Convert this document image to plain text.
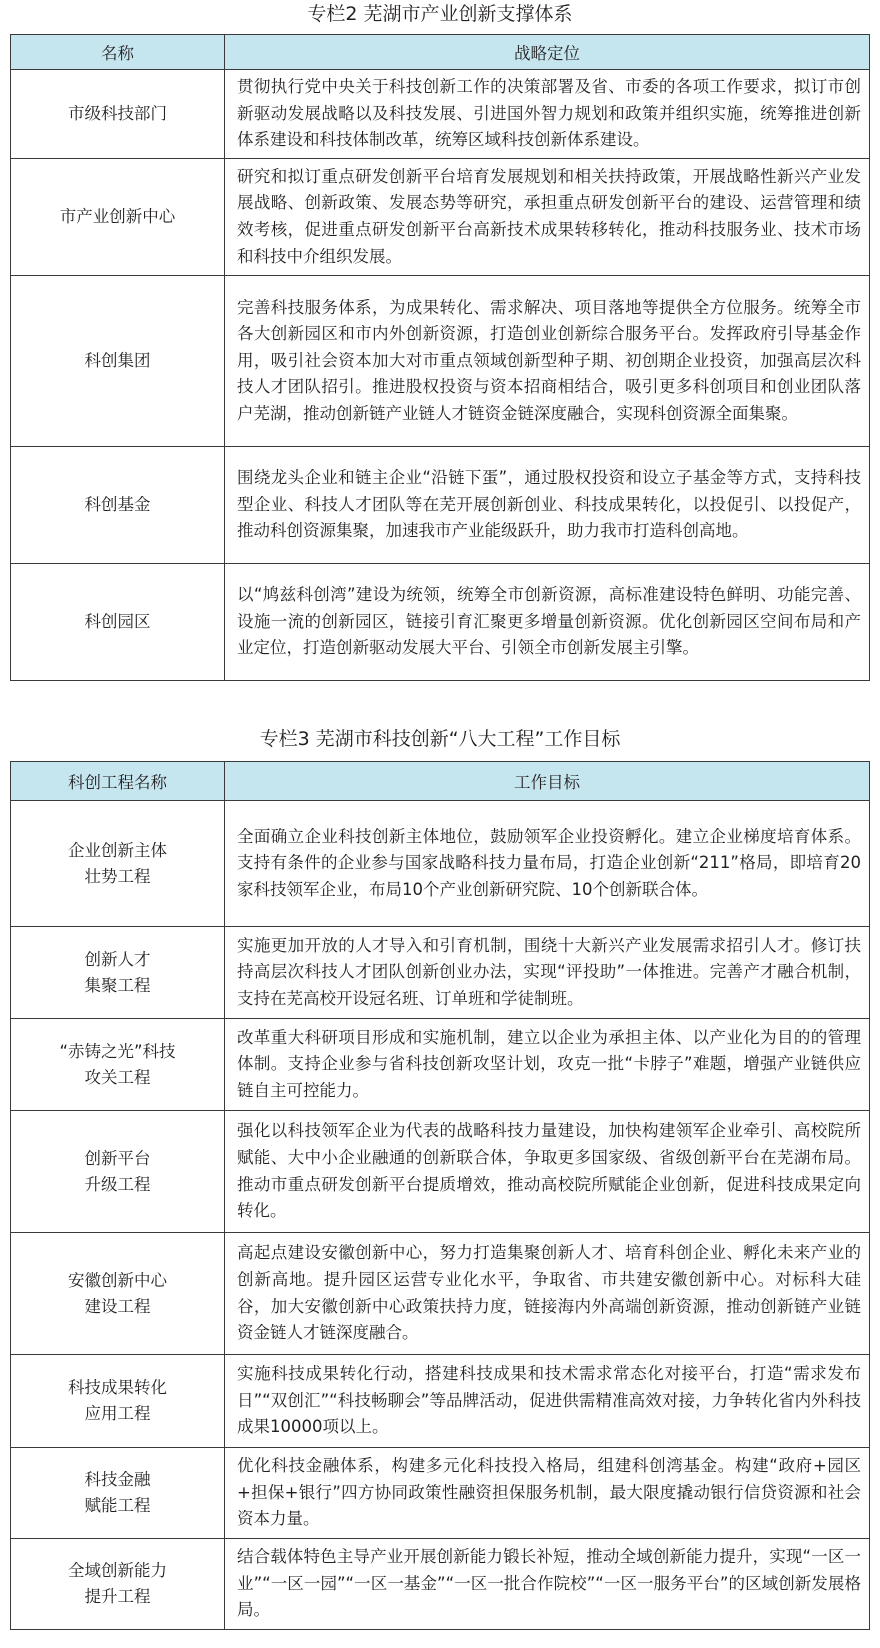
专栏2 芜湖市产业创新支撑体系
名称	战略定位
市级科技部门	贯彻执行党中央关于科技创新工作的决策部署及省、市委的各项工作要求，拟订市创新驱动发展战略以及科技发展、引进国外智力规划和政策并组织实施，统筹推进创新体系建设和科技体制改革，统筹区域科技创新体系建设。
市产业创新中心	研究和拟订重点研发创新平台培育发展规划和相关扶持政策，开展战略性新兴产业发展战略、创新政策、发展态势等研究，承担重点研发创新平台的建设、运营管理和绩效考核，促进重点研发创新平台高新技术成果转移转化，推动科技服务业、技术市场和科技中介组织发展。
科创集团	完善科技服务体系，为成果转化、需求解决、项目落地等提供全方位服务。统筹全市各大创新园区和市内外创新资源，打造创业创新综合服务平台。发挥政府引导基金作用，吸引社会资本加大对市重点领域创新型种子期、初创期企业投资，加强高层次科技人才团队招引。推进股权投资与资本招商相结合，吸引更多科创项目和创业团队落户芜湖，推动创新链产业链人才链资金链深度融合，实现科创资源全面集聚。
科创基金	围绕龙头企业和链主企业“沿链下蛋”，通过股权投资和设立子基金等方式，支持科技型企业、科技人才团队等在芜开展创新创业、科技成果转化，以投促引、以投促产，推动科创资源集聚，加速我市产业能级跃升，助力我市打造科创高地。
科创园区	以“鸠兹科创湾”建设为统领，统筹全市创新资源，高标准建设特色鲜明、功能完善、设施一流的创新园区，链接引育汇聚更多增量创新资源。优化创新园区空间布局和产业定位，打造创新驱动发展大平台、引领全市创新发展主引擎。
专栏3 芜湖市科技创新“八大工程”工作目标
科创工程名称	工作目标
企业创新主体
壮势工程	全面确立企业科技创新主体地位，鼓励领军企业投资孵化。建立企业梯度培育体系。支持有条件的企业参与国家战略科技力量布局，打造企业创新“211”格局，即培育20家科技领军企业，布局10个产业创新研究院、10个创新联合体。
创新人才
集聚工程	实施更加开放的人才导入和引育机制，围绕十大新兴产业发展需求招引人才。修订扶持高层次科技人才团队创新创业办法，实现“评投助”一体推进。完善产才融合机制，支持在芜高校开设冠名班、订单班和学徒制班。
“赤铸之光”科技
攻关工程	改革重大科研项目形成和实施机制，建立以企业为承担主体、以产业化为目的的管理体制。支持企业参与省科技创新攻坚计划，攻克一批“卡脖子”难题，增强产业链供应链自主可控能力。
创新平台
升级工程	强化以科技领军企业为代表的战略科技力量建设，加快构建领军企业牵引、高校院所赋能、大中小企业融通的创新联合体，争取更多国家级、省级创新平台在芜湖布局。推动市重点研发创新平台提质增效，推动高校院所赋能企业创新，促进科技成果定向转化。
安徽创新中心
建设工程	高起点建设安徽创新中心，努力打造集聚创新人才、培育科创企业、孵化未来产业的创新高地。提升园区运营专业化水平，争取省、市共建安徽创新中心。对标科大硅谷，加大安徽创新中心政策扶持力度，链接海内外高端创新资源，推动创新链产业链资金链人才链深度融合。
科技成果转化
应用工程	实施科技成果转化行动，搭建科技成果和技术需求常态化对接平台，打造“需求发布日”“双创汇”“科技畅聊会”等品牌活动，促进供需精准高效对接，力争转化省内外科技成果10000项以上。
科技金融
赋能工程	优化科技金融体系，构建多元化科技投入格局，组建科创湾基金。构建“政府+园区+担保+银行”四方协同政策性融资担保服务机制，最大限度撬动银行信贷资源和社会资本力量。
全域创新能力
提升工程	结合载体特色主导产业开展创新能力锻长补短，推动全域创新能力提升，实现“一区一业”“一区一园”“一区一基金”“一区一批合作院校”“一区一服务平台”的区域创新发展格局。
